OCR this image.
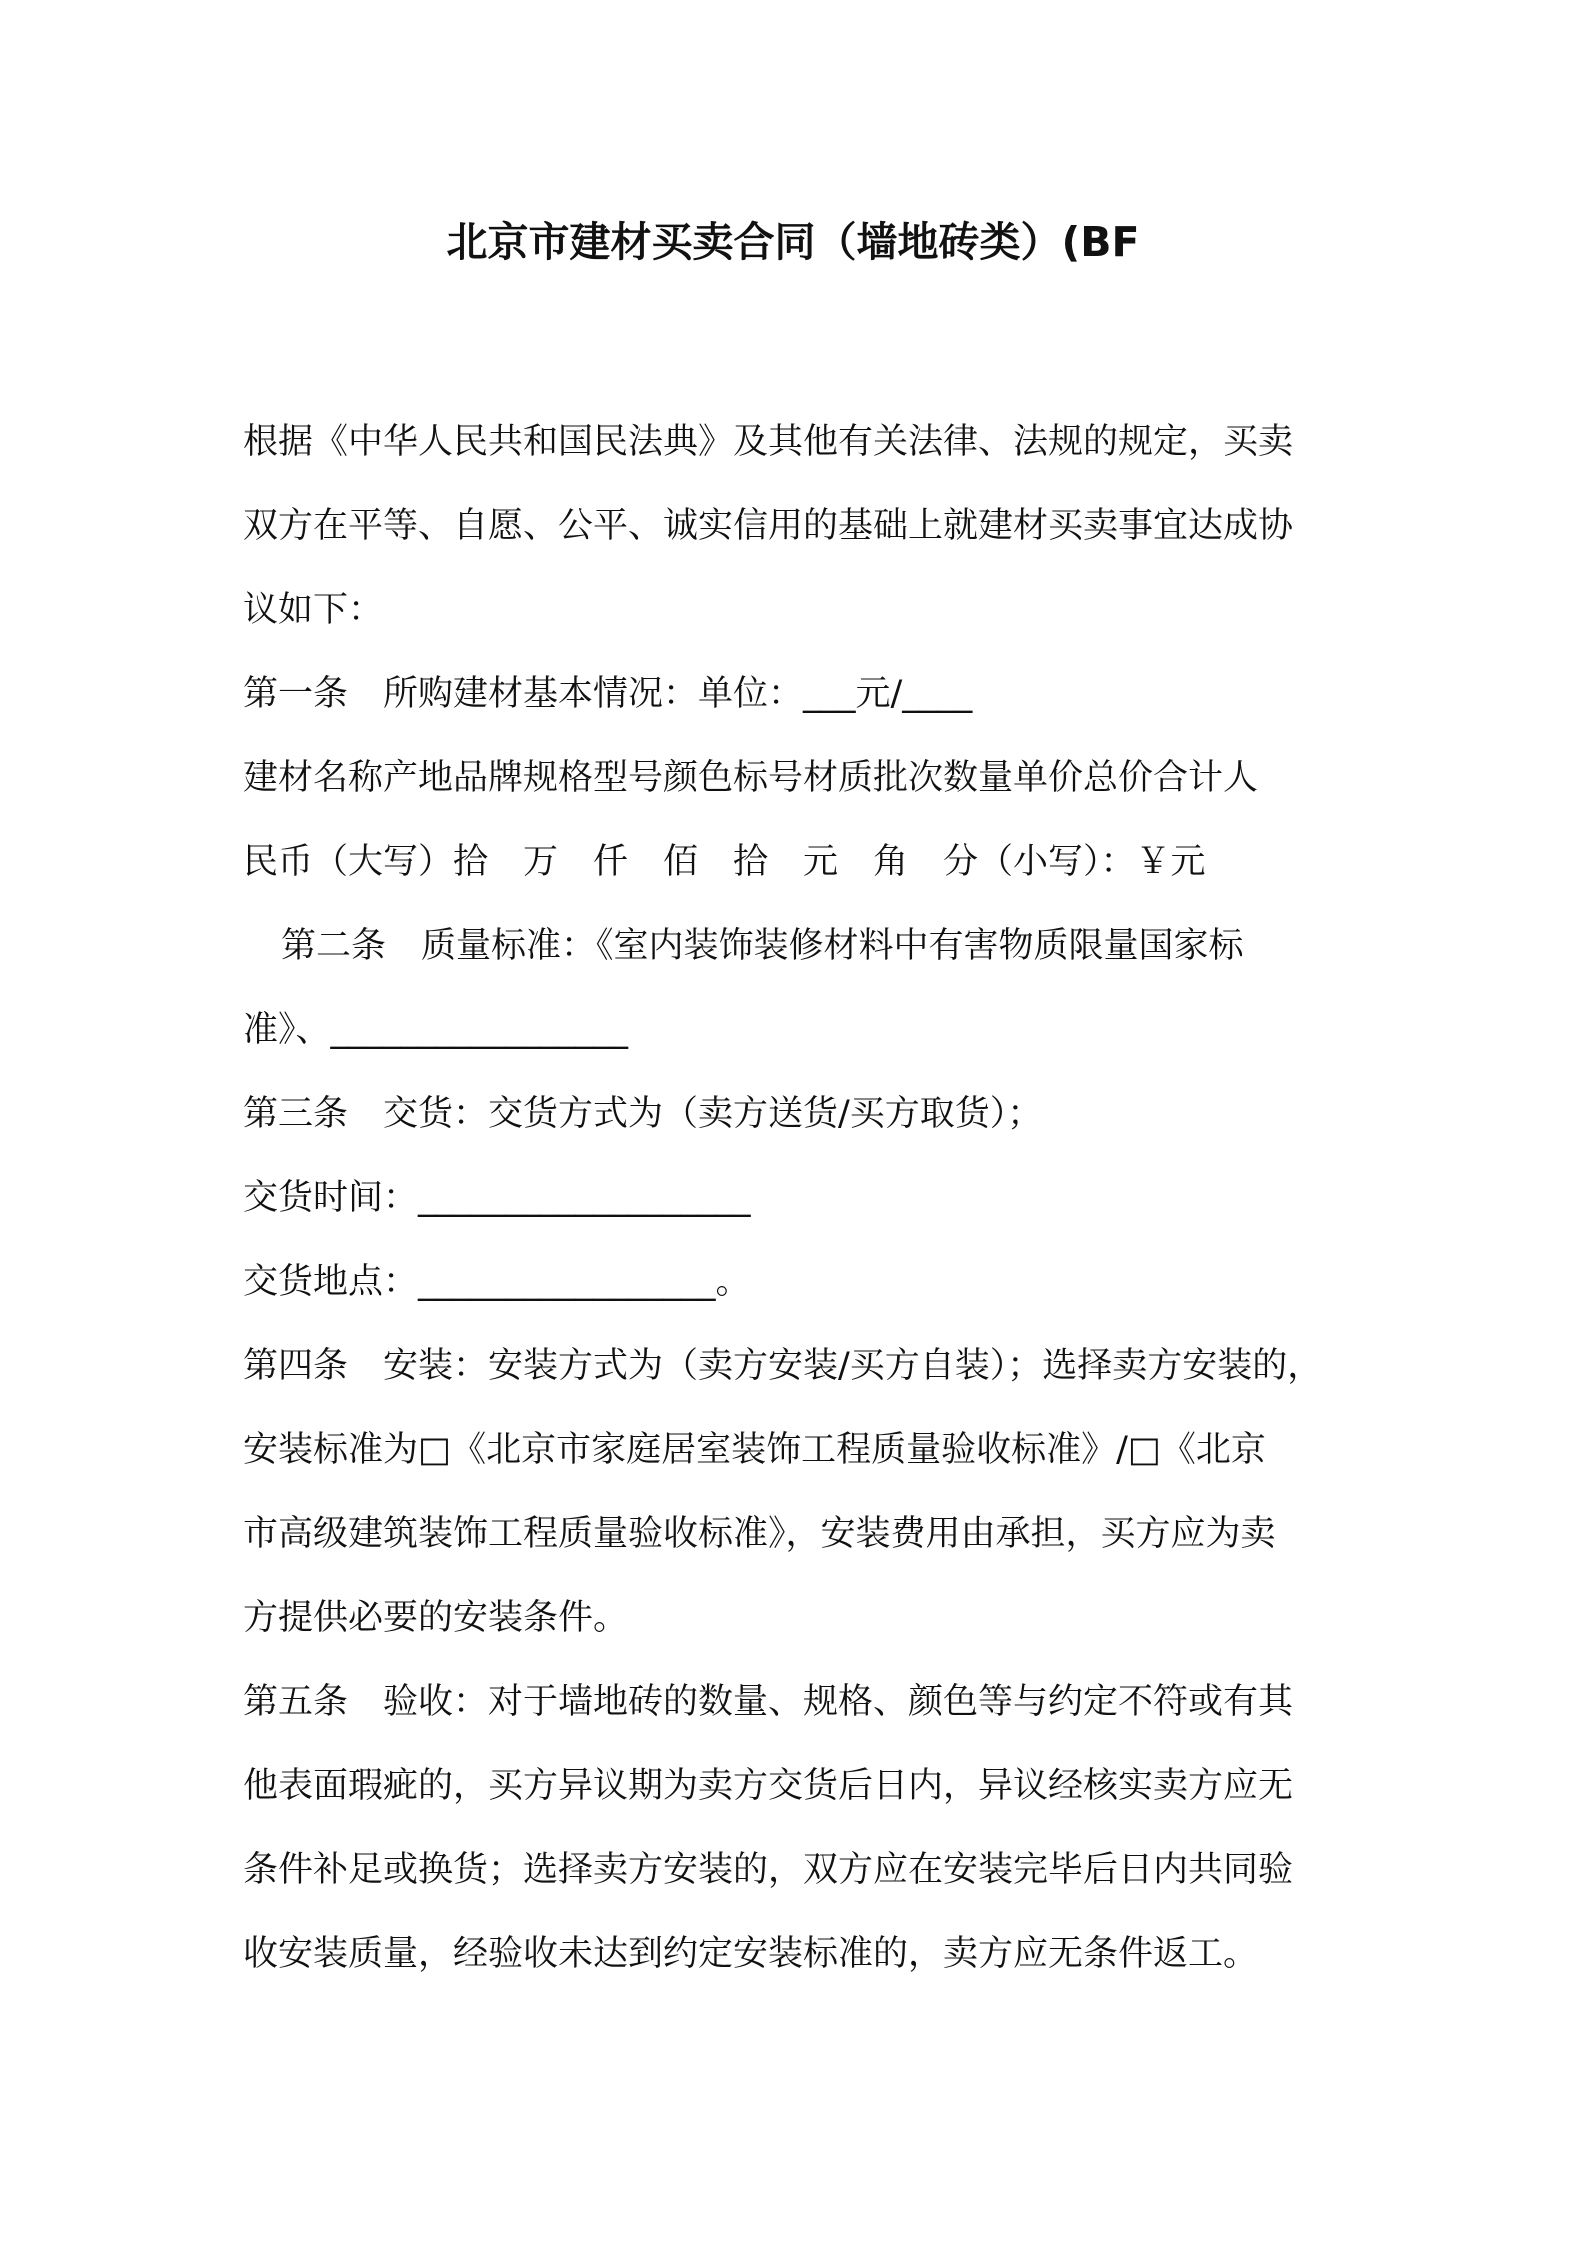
北京市建材买卖合同（墙地砖类）(BF
根据《中华人民共和国民法典》及其他有关法律、法规的规定，买卖
双方在平等、自愿、公平、诚实信用的基础上就建材买卖事宜达成协
议如下：
第一条　所购建材基本情况：单位：___元/____
建材名称产地品牌规格型号颜色标号材质批次数量单价总价合计人
民币（大写）拾　万　仟　佰　拾　元　角　分（小写）：￥元
第二条　质量标准：《室内装饰装修材料中有害物质限量国家标
准》、_________________
第三条　交货：交货方式为（卖方送货/买方取货）；
交货时间：___________________
交货地点：_________________。
第四条　安装：安装方式为（卖方安装/买方自装）；选择卖方安装的，
安装标准为□《北京市家庭居室装饰工程质量验收标准》/□《北京
市高级建筑装饰工程质量验收标准》，安装费用由承担，买方应为卖
方提供必要的安装条件。
第五条　验收：对于墙地砖的数量、规格、颜色等与约定不符或有其
他表面瑕疵的，买方异议期为卖方交货后日内，异议经核实卖方应无
条件补足或换货；选择卖方安装的，双方应在安装完毕后日内共同验
收安装质量，经验收未达到约定安装标准的，卖方应无条件返工。
